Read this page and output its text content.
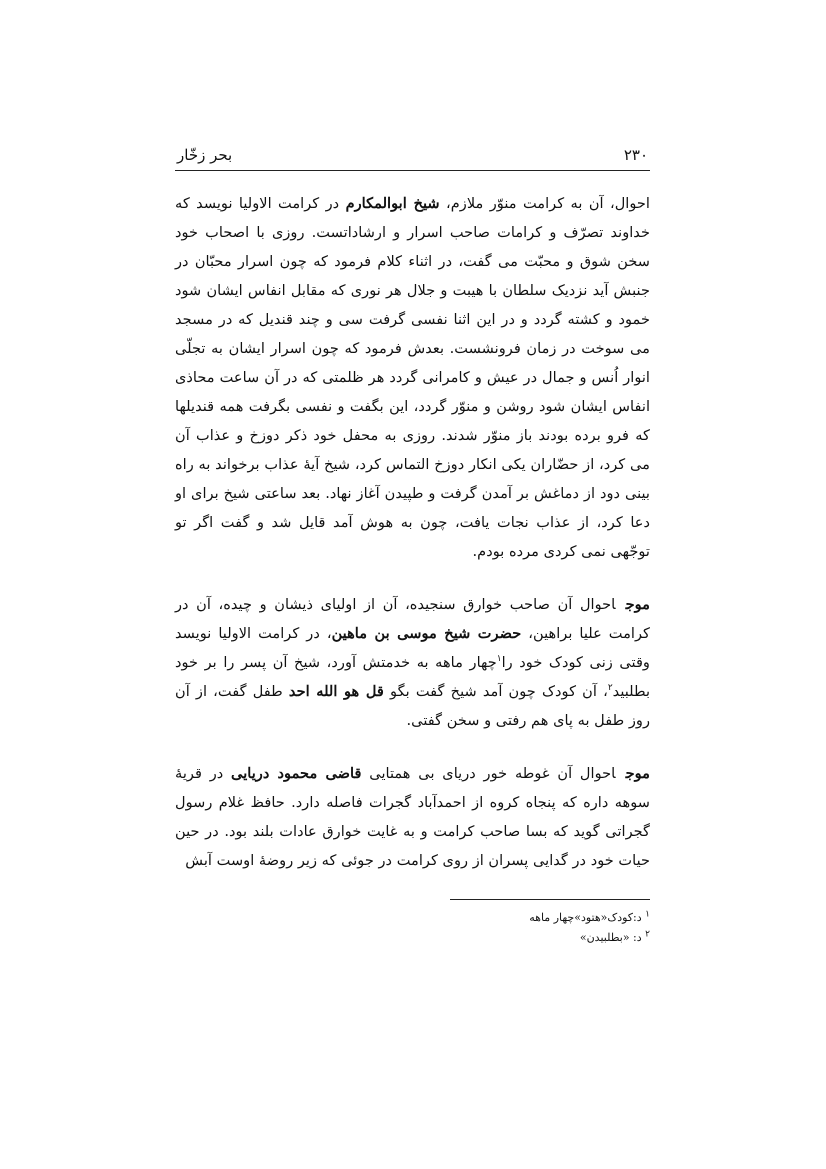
۲۳۰
بحر زخّار

احوال، آن به کرامت منوّر ملازم، شیخ ابوالمکارم در کرامت الاولیا نویسد که خداوند تصرّف و کرامات صاحب اسرار و ارشاداتست. روزی با اصحاب خود سخن شوق و محبّت می گفت، در اثناء کلام فرمود که چون اسرار محبّان در جنبش آید نزدیک سلطان با هیبت و جلال هر نوری که مقابل انفاس ایشان شود خمود و کشته گردد و در این اثنا نفسی گرفت سی و چند قندیل که در مسجد می سوخت در زمان فرونشست. بعدش فرمود که چون اسرار ایشان به تجلّی انوار اُنس و جمال در عیش و کامرانی گردد هر ظلمتی که در آن ساعت محاذی انفاس ایشان شود روشن و منوّر گردد، این بگفت و نفسی بگرفت همه قندیلها که فرو برده بودند باز منوّر شدند. روزی به محفل خود ذکر دوزخ و عذاب آن می کرد، از حضّاران یکی انکار دوزخ التماس کرد، شیخ آیهٔ عذاب برخواند به راه بینی دود از دماغش بر آمدن گرفت و طپیدن آغاز نهاد. بعد ساعتی شیخ برای او دعا کرد، از عذاب نجات یافت، چون به هوش آمد قایل شد و گفت اگر تو توجّهی نمی کردی مرده بودم.

موجاحوال آن صاحب خوارق سنجیده، آن از اولیای ذیشان و چیده، آن در کرامت علیا براهین، حضرت شیخ موسی بن ماهین، در کرامت الاولیا نویسد وقتی زنی کودک خود را$^۱$چهار ماهه به خدمتش آورد، شیخ آن پسر را بر خود بطلبید$^۲$، آن کودک چون آمد شیخ گفت بگو قل هو الله احد طفل گفت، از آن روز طفل به پای هم رفتی و سخن گفتی.

موجاحوال آن غوطه خور دریای بی همتایی قاضی محمود دریایی در قریهٔ سوهه داره که پنجاه کروه از احمدآباد گجرات فاصله دارد. حافظ غلام رسول گجراتی گوید که بسا صاحب کرامت و به غایت خوارق عادات بلند بود. در حین حیات خود در گدایی پسران از روی کرامت در جوئی که زیر روضهٔ اوست آبش

$^۱$ د:کودک«هتود»چهار ماهه
$^۲$ د: «بطلبیدن»
